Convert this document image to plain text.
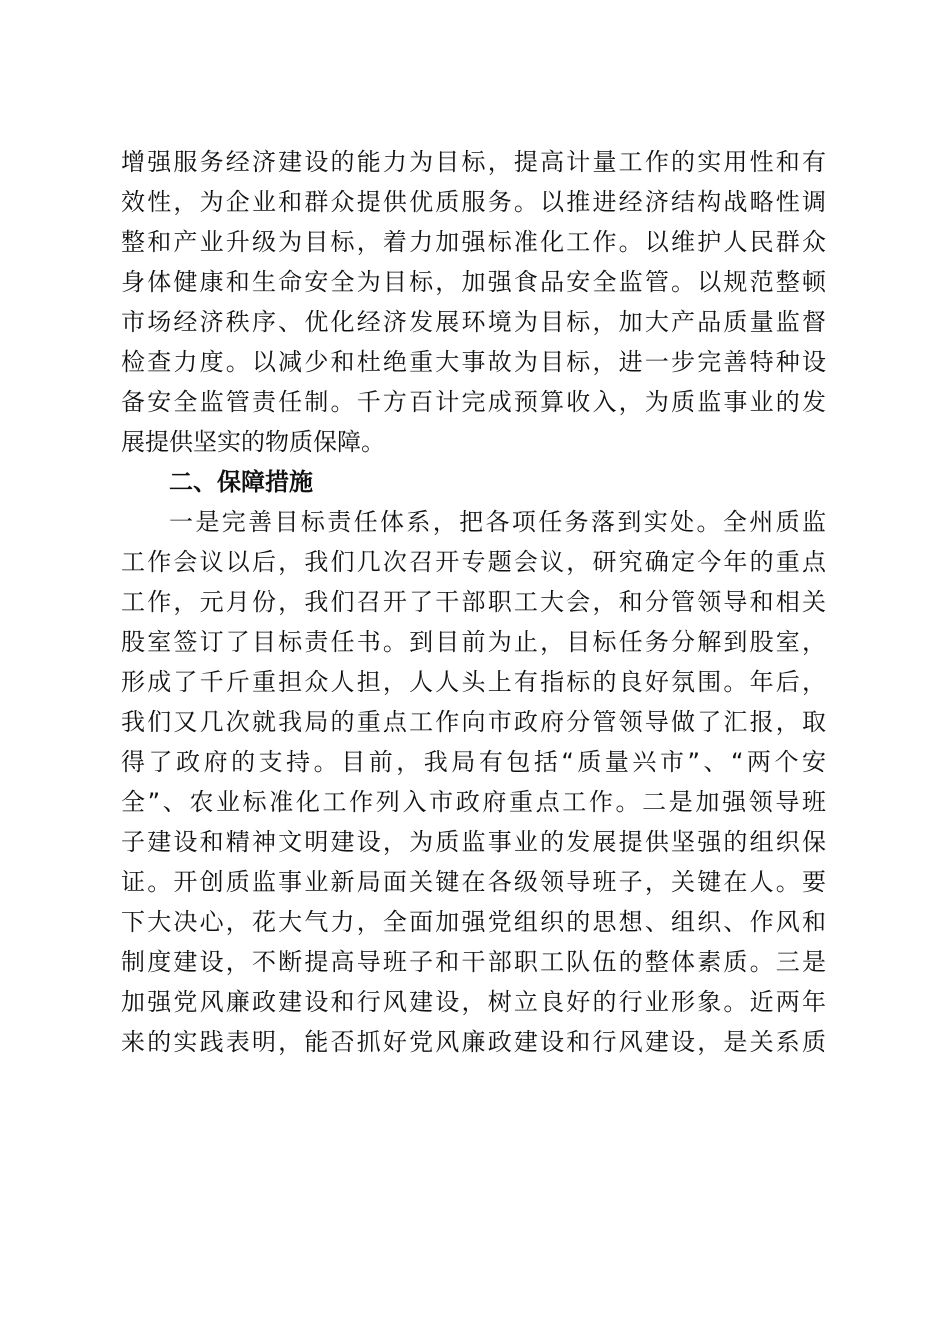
增强服务经济建设的能力为目标，提高计量工作的实用性和有
效性，为企业和群众提供优质服务。以推进经济结构战略性调
整和产业升级为目标，着力加强标准化工作。以维护人民群众
身体健康和生命安全为目标，加强食品安全监管。以规范整顿
市场经济秩序、优化经济发展环境为目标，加大产品质量监督
检查力度。以减少和杜绝重大事故为目标，进一步完善特种设
备安全监管责任制。千方百计完成预算收入，为质监事业的发
展提供坚实的物质保障。
二、保障措施
一是完善目标责任体系，把各项任务落到实处。全州质监
工作会议以后，我们几次召开专题会议，研究确定今年的重点
工作，元月份，我们召开了干部职工大会，和分管领导和相关
股室签订了目标责任书。到目前为止，目标任务分解到股室，
形成了千斤重担众人担，人人头上有指标的良好氛围。年后，
我们又几次就我局的重点工作向市政府分管领导做了汇报，取
得了政府的支持。目前，我局有包括“质量兴市”、“两个安
全”、农业标准化工作列入市政府重点工作。二是加强领导班
子建设和精神文明建设，为质监事业的发展提供坚强的组织保
证。开创质监事业新局面关键在各级领导班子，关键在人。要
下大决心，花大气力，全面加强党组织的思想、组织、作风和
制度建设，不断提高导班子和干部职工队伍的整体素质。三是
加强党风廉政建设和行风建设，树立良好的行业形象。近两年
来的实践表明，能否抓好党风廉政建设和行风建设，是关系质
